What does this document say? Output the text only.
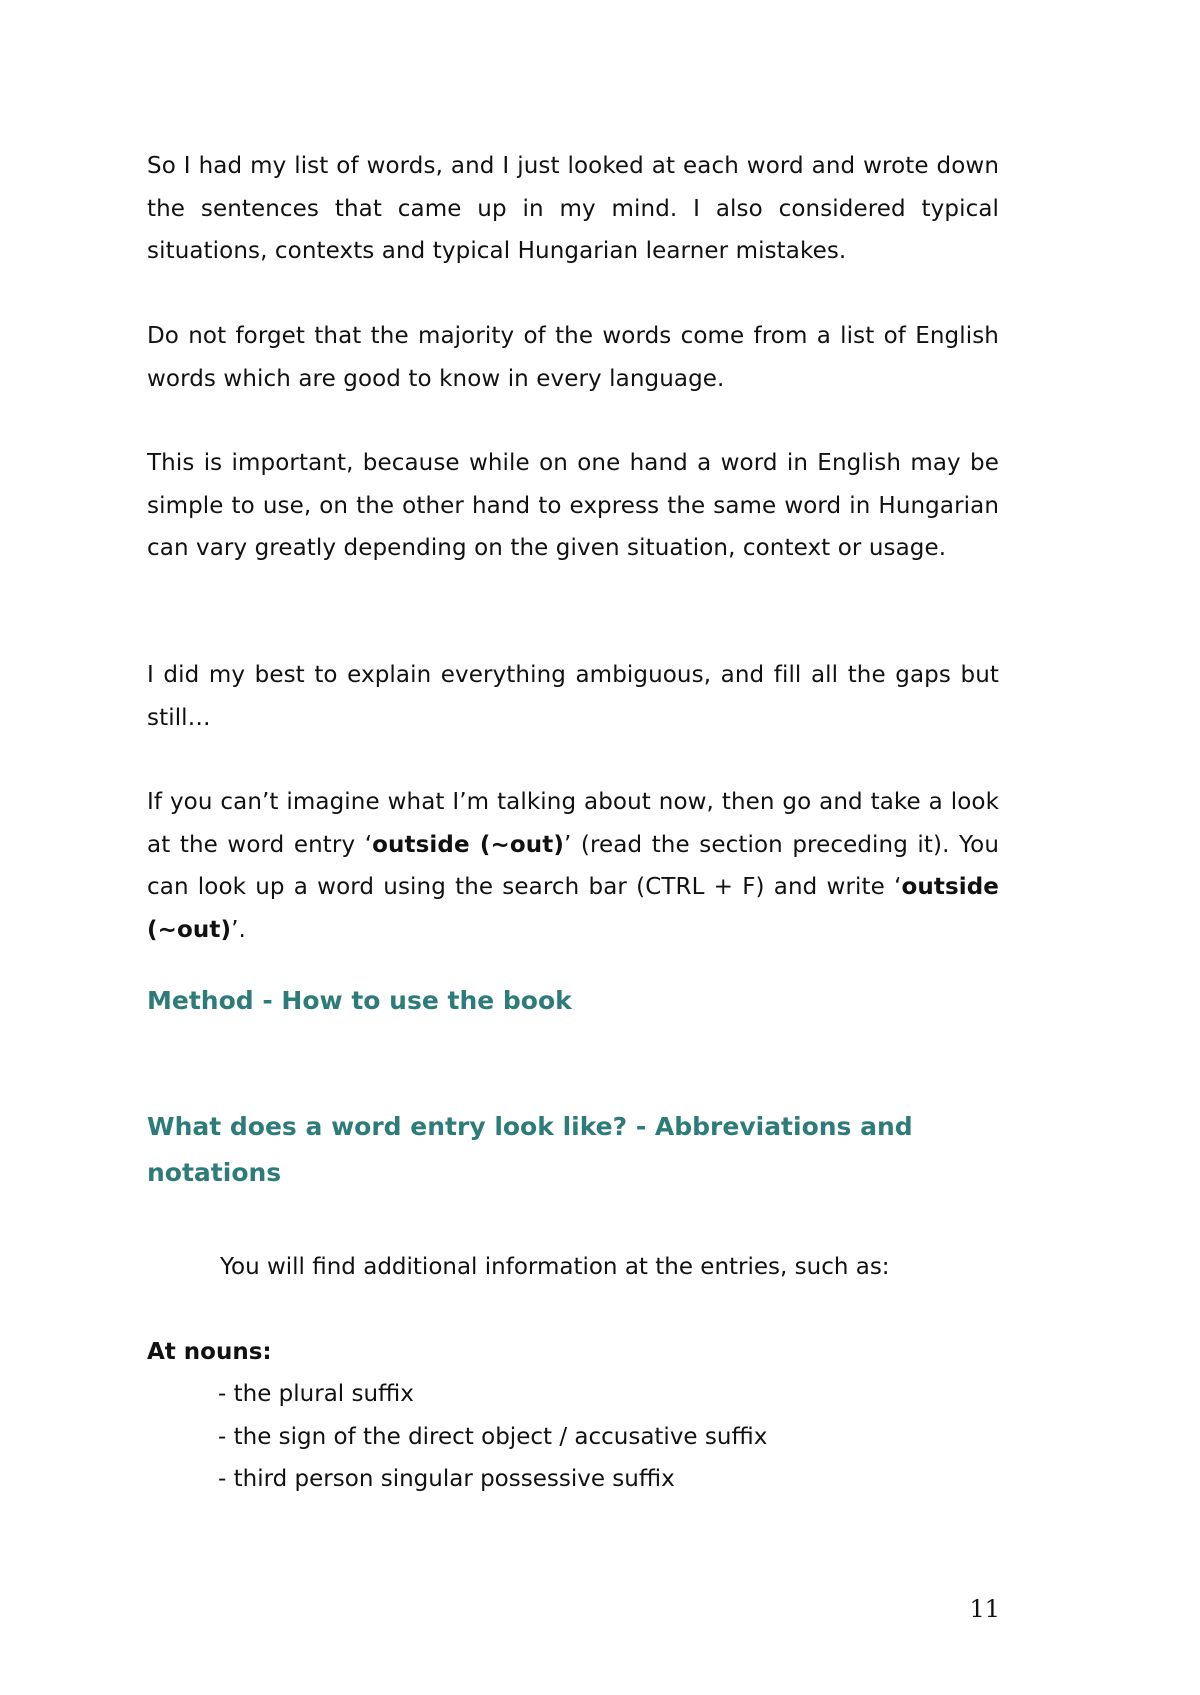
So I had my list of words, and I just looked at each word and wrote down the sentences that came up in my mind. I also considered typical situations, contexts and typical Hungarian learner mistakes.

Do not forget that the majority of the words come from a list of English words which are good to know in every language.

This is important, because while on one hand a word in English may be simple to use, on the other hand to express the same word in Hungarian can vary greatly depending on the given situation, context or usage.

I did my best to explain everything ambiguous, and fill all the gaps but still…

If you can’t imagine what I’m talking about now, then go and take a look at the word entry ‘outside (~out)’ (read the section preceding it). You can look up a word using the search bar (CTRL + F) and write ‘outside (~out)’.

Method - How to use the book
What does a word entry look like? - Abbreviations and notations

You will find additional information at the entries, such as:

At nouns:

- the plural suffix
- the sign of the direct object / accusative suffix
- third person singular possessive suffix

11
